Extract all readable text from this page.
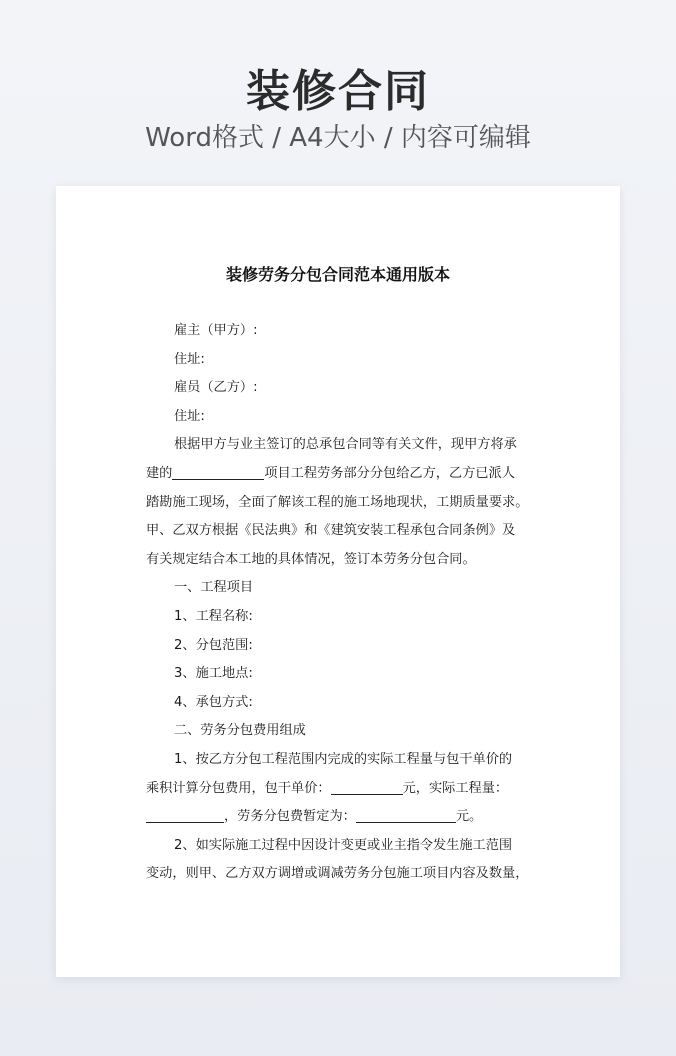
装修合同
Word格式 / A4大小 / 内容可编辑
装修劳务分包合同范本通用版本
雇主（甲方）:
住址:
雇员（乙方）:
住址:
根据甲方与业主签订的总承包合同等有关文件，现甲方将承
建的	项目工程劳务部分分包给乙方，乙方已派人
踏勘施工现场，全面了解该工程的施工场地现状，工期质量要求。
甲、乙双方根据《民法典》和《建筑安装工程承包合同条例》及
有关规定结合本工地的具体情况，签订本劳务分包合同。
一、工程项目
1、工程名称:
2、分包范围:
3、施工地点:
4、承包方式:
二、劳务分包费用组成
1、按乙方分包工程范围内完成的实际工程量与包干单价的
乘积计算分包费用，包干单价：	元，实际工程量：
，劳务分包费暂定为：	元。
2、如实际施工过程中因设计变更或业主指令发生施工范围
变动，则甲、乙方双方调增或调减劳务分包施工项目内容及数量，
